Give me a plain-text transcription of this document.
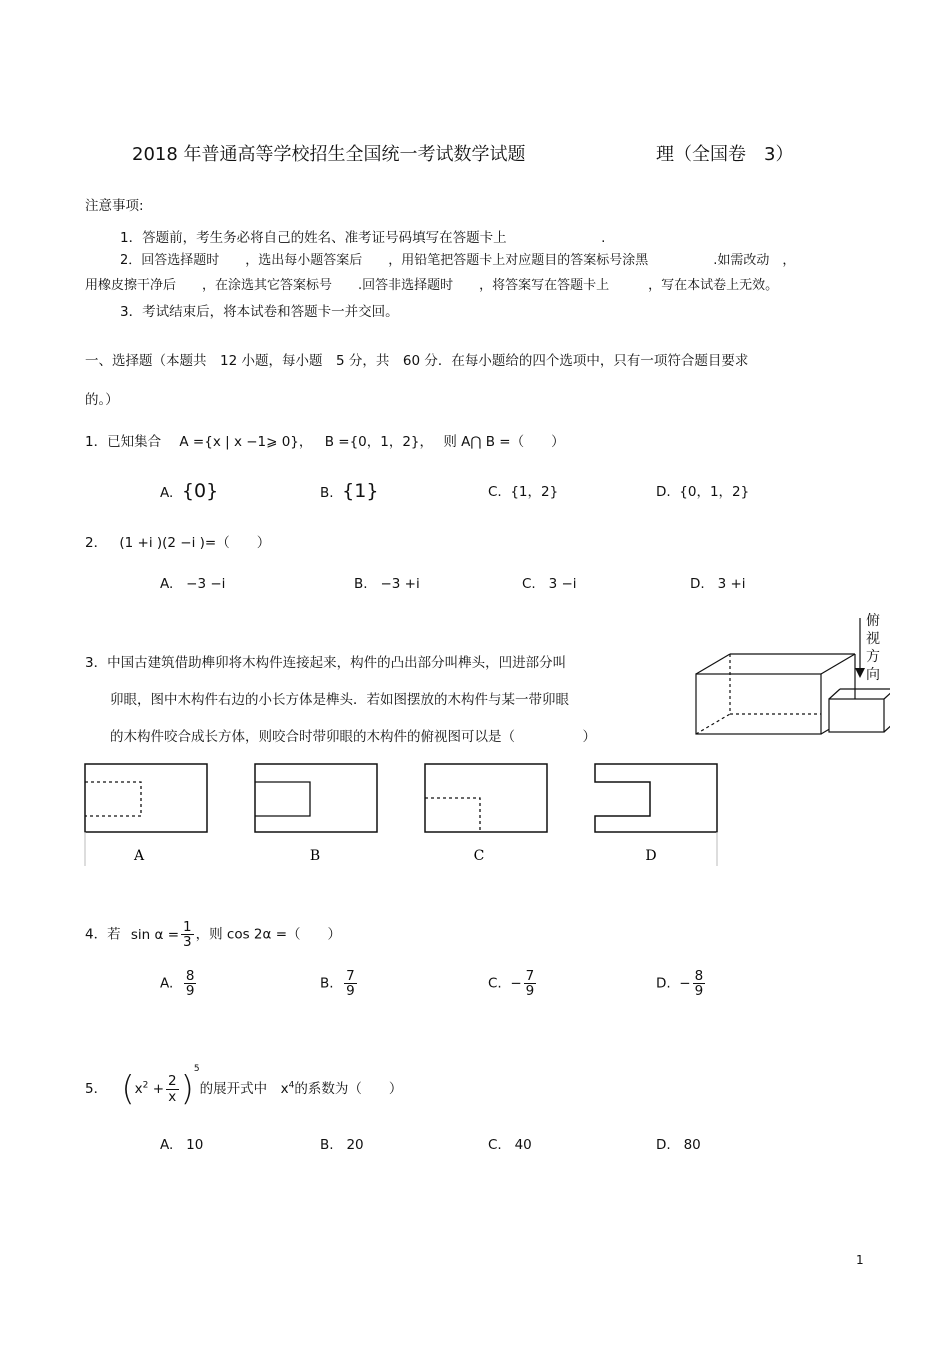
2018 年普通高等学校招生全国统一考试数学试题	理（全国卷　3）
注意事项:
1．答题前，考生务必将自己的姓名、准考证号码填写在答题卡上　　　　　　　.
2．回答选择题时　　，选出每小题答案后　　，用铅笔把答题卡上对应题目的答案标号涂黑　　　　　.如需改动　，
用橡皮擦干净后　　，在涂选其它答案标号　　.回答非选择题时　　，将答案写在答题卡上　　　，写在本试卷上无效。
3．考试结束后，将本试卷和答题卡一并交回。
一、选择题（本题共　12 小题，每小题　5 分，共　60 分．在每小题给的四个选项中，只有一项符合题目要求
的。）
1．已知集合 A ={x | x −1⩾ 0}， B ={0，1，2}， 则 A⋂ B =（　　）
A. {0}	B. {1}	C. {1，2}	D. {0，1，2}
2． (1 +i )(2 −i )=（　　）
A. −3 −i	B. −3 +i	C. 3 −i	D. 3 +i
3．中国古建筑借助榫卯将木构件连接起来，构件的凸出部分叫榫头，凹进部分叫
卯眼，图中木构件右边的小长方体是榫头．若如图摆放的木构件与某一带卯眼
的木构件咬合成长方体，则咬合时带卯眼的木构件的俯视图可以是（　　　　　）
俯
视
方
向
A	B	C	D
4．若 $\sin \alpha = \frac{1}{3}$ ，则 cos 2α =（　　）
A. $\frac{8}{9}$	B. $\frac{7}{9}$	C. − $\frac{7}{9}$	D. − $\frac{8}{9}$
5． $(x^2 + \frac{2}{x} )^5$的展开式中　$x^4$的系数为（　　）
A. 10	B. 20	C. 40	D. 80
1
